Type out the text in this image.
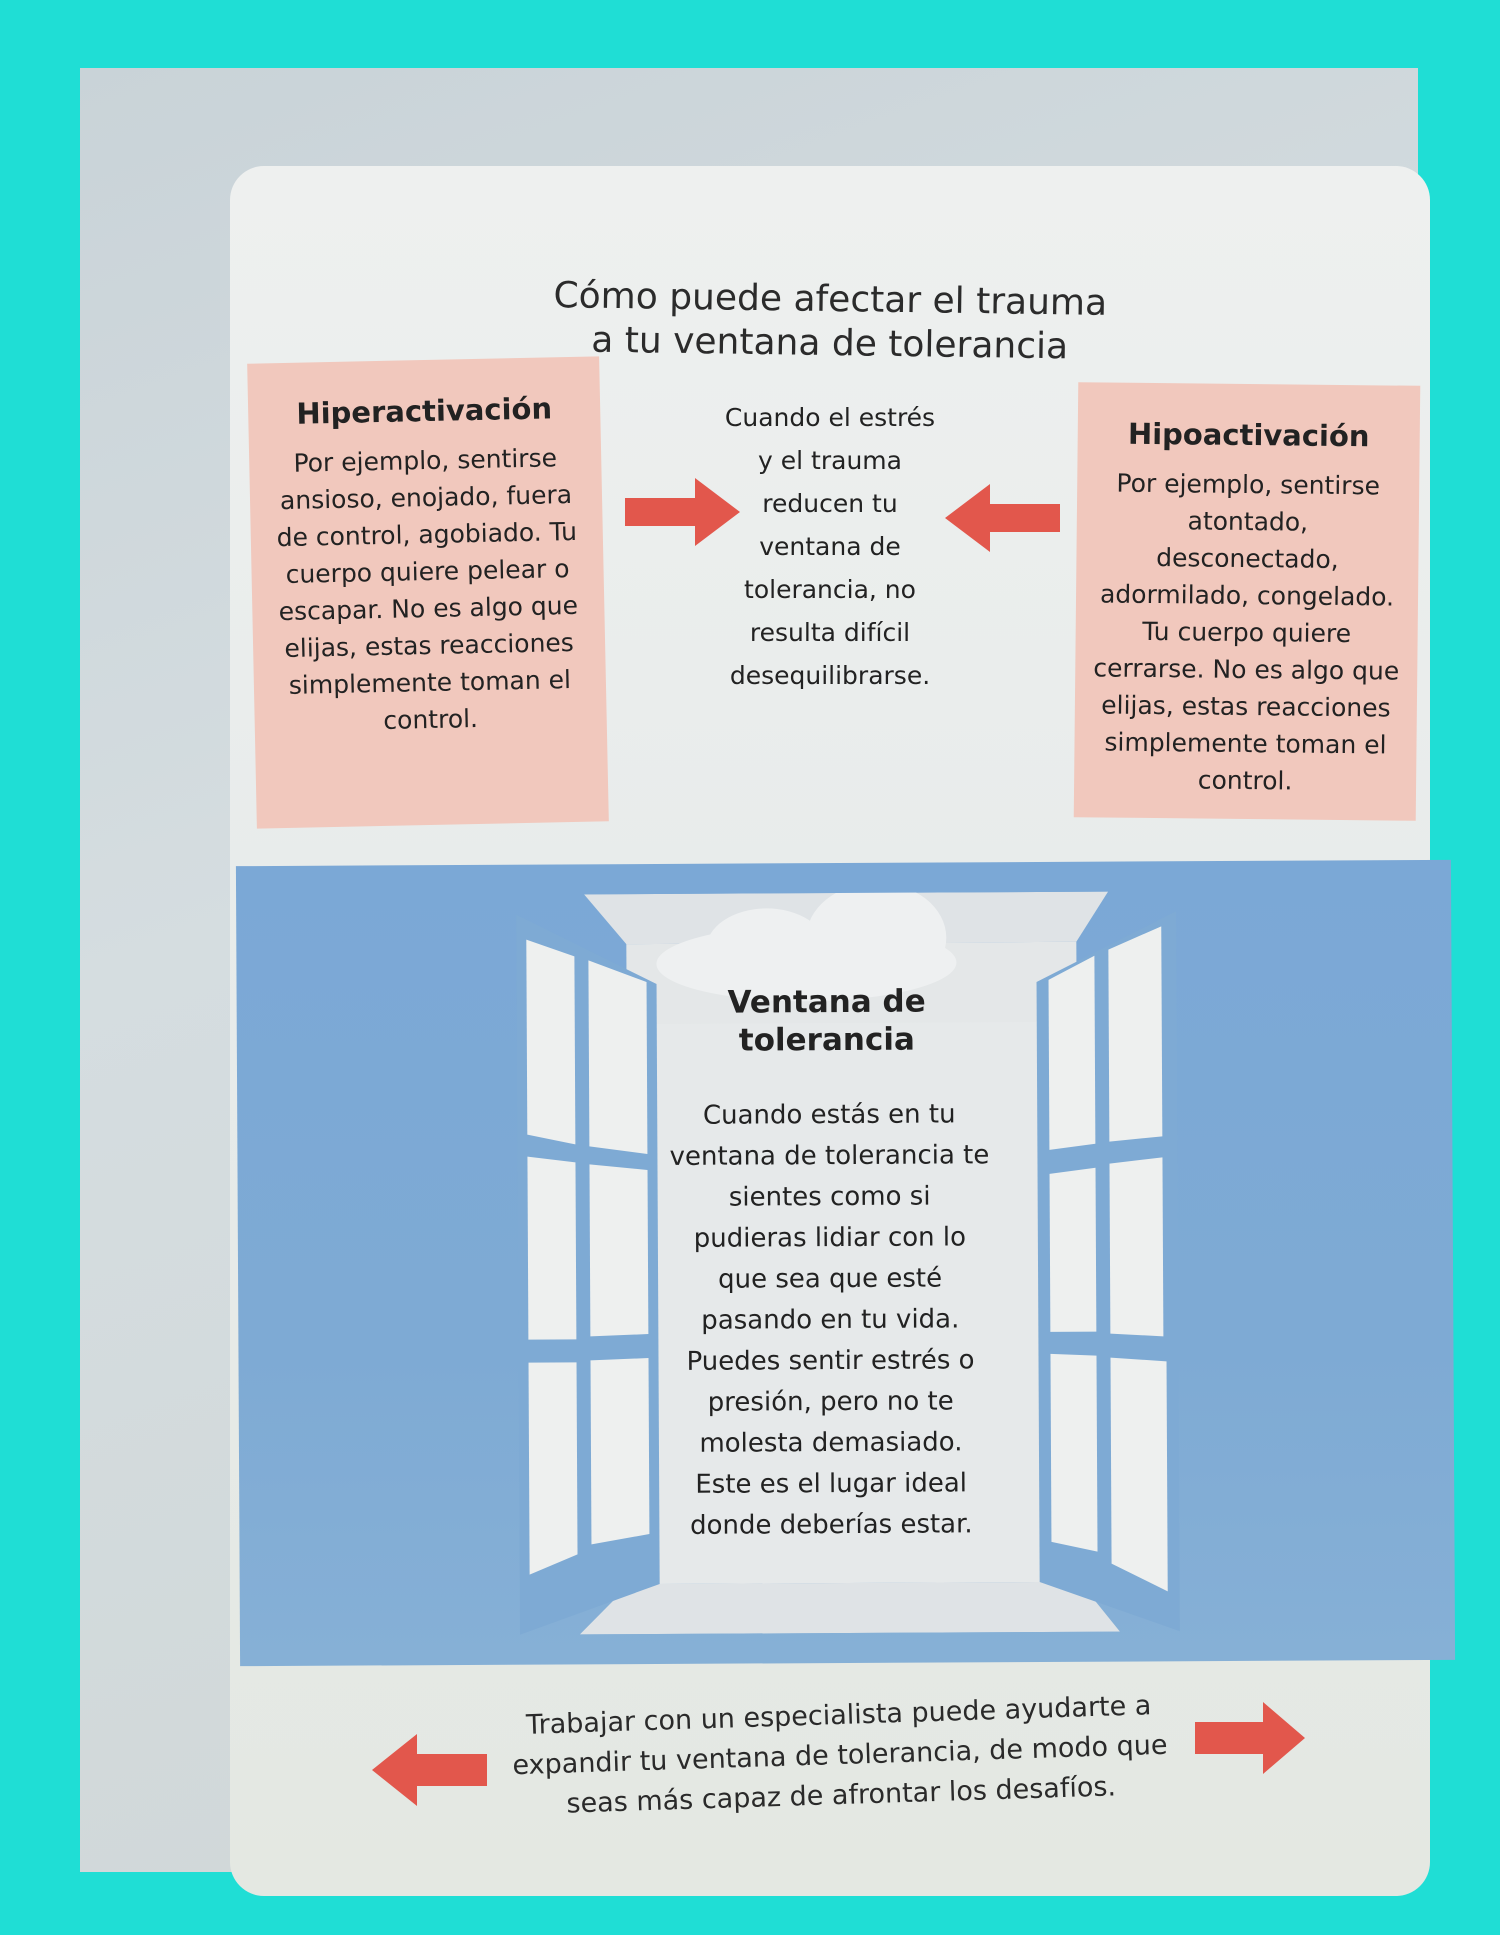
Cómo puede afectar el trauma
a tu ventana de tolerancia
Hiperactivación
Por ejemplo, sentirse ansioso, enojado, fuera de control, agobiado. Tu cuerpo quiere pelear o escapar. No es algo que elijas, estas reacciones simplemente toman el control.
Cuando el estrés y el trauma reducen tu ventana de tolerancia, no resulta difícil desequilibrarse.
Hipoactivación
Por ejemplo, sentirse atontado, desconectado, adormilado, congelado. Tu cuerpo quiere cerrarse. No es algo que elijas, estas reacciones simplemente toman el control.
Ventana de tolerancia
Cuando estás en tu ventana de tolerancia te sientes como si pudieras lidiar con lo que sea que esté pasando en tu vida. Puedes sentir estrés o presión, pero no te molesta demasiado. Este es el lugar ideal donde deberías estar.
Trabajar con un especialista puede ayudarte a expandir tu ventana de tolerancia, de modo que seas más capaz de afrontar los desafíos.
